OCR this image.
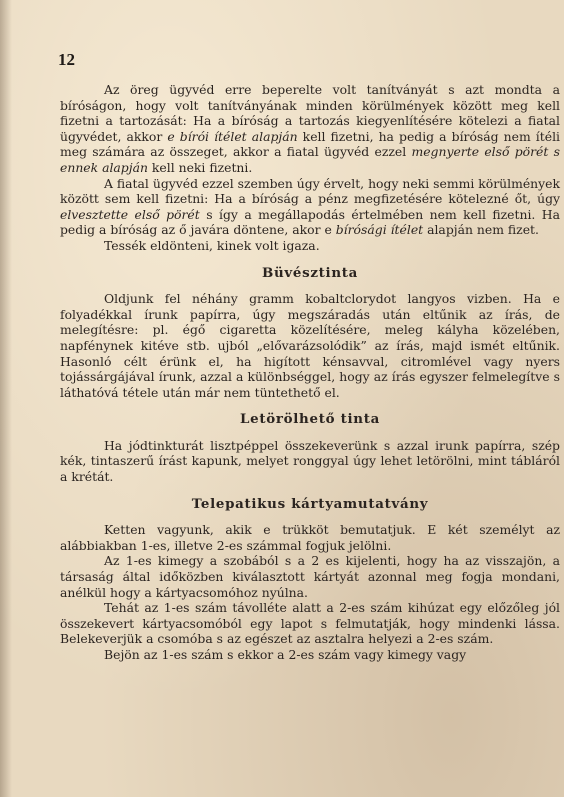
12

Az öreg ügyvéd erre beperelte volt tanítványát s azt mondta a bíróságon, hogy volt tanítványának minden körülmények között meg kell fizetni a tartozását: Ha a bíróság a tartozás kiegyenlítésére kötelezi a fiatal ügyvédet, akkor e bírói ítélet alapján kell fizetni, ha pedig a bíróság nem ítéli meg számára az összeget, akkor a fiatal ügyvéd ezzel megnyerte első pörét s ennek alapján kell neki fizetni.

A fiatal ügyvéd ezzel szemben úgy érvelt, hogy neki semmi körülmények között sem kell fizetni: Ha a bíróság a pénz megfizetésére kötelezné őt, úgy elvesztette első pörét s így a megállapodás értelmében nem kell fizetni. Ha pedig a bíróság az ő javára döntene, akor e bírósági ítélet alapján nem fizet.

Tessék eldönteni, kinek volt igaza.

Büvésztinta

Oldjunk fel néhány gramm kobaltclorydot langyos vizben. Ha e folyadékkal írunk papírra, úgy megszáradás után eltűnik az írás, de melegítésre: pl. égő cigaretta közelítésére, meleg kályha közelében, napfénynek kitéve stb. ujból „elővarázsolódik” az írás, majd ismét eltűnik. Hasonló célt érünk el, ha higított kénsavval, citromlével vagy nyers tojássárgájával írunk, azzal a különbséggel, hogy az írás egyszer felmelegítve s láthatóvá tétele után már nem tüntethető el.

Letörölhető tinta

Ha jódtinkturát lisztpéppel összekeverünk s azzal irunk papírra, szép kék, tintaszerű írást kapunk, melyet ronggyal úgy lehet letörölni, mint tábláról a krétát.

Telepatikus kártyamutatvány

Ketten vagyunk, akik e trükköt bemutatjuk. E két személyt az alábbiakban 1-es, illetve 2-es számmal fogjuk jelölni.

Az 1-es kimegy a szobából s a 2 es kijelenti, hogy ha az visszajön, a társaság által időközben kiválasztott kártyát azonnal meg fogja mondani, anélkül hogy a kártyacsomóhoz nyúlna.

Tehát az 1-es szám távollétе alatt a 2-es szám kihúzat egy előzőleg jól összekevert kártyacsomóból egy lapot s felmutatják, hogy mindenki lássa. Belekeverjük a csomóba s az egészet az asztalra helyezi a 2-es szám.

Bejön az 1-es szám s ekkor a 2-es szám vagy kimegy vagy
